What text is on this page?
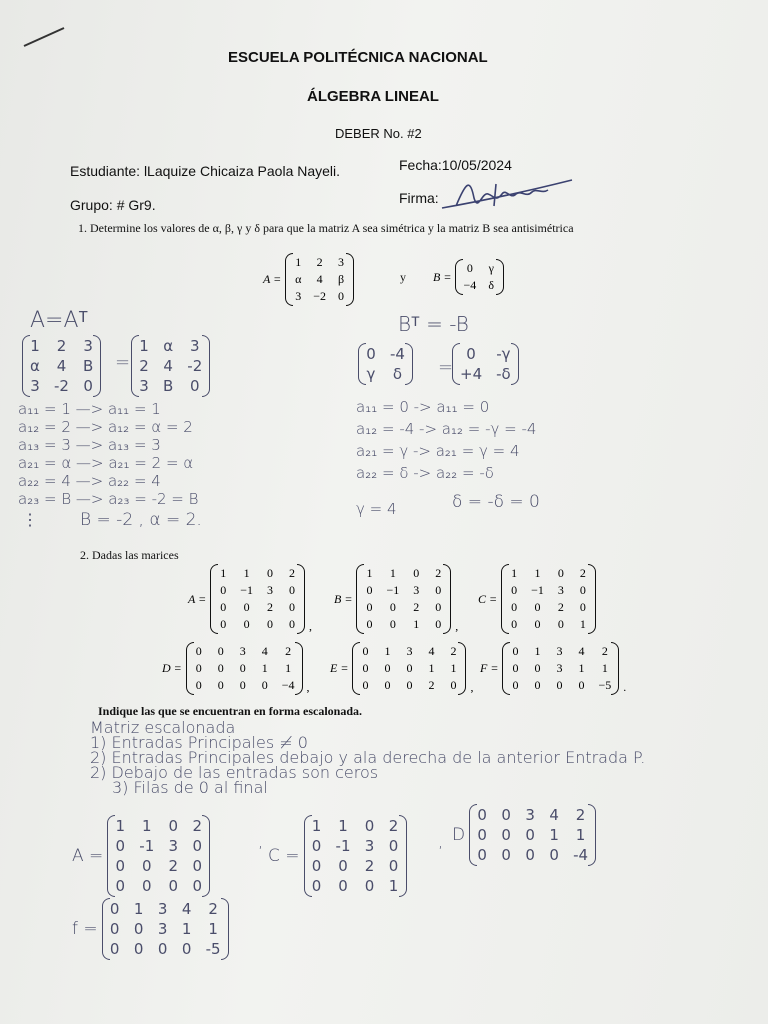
ESCUELA POLITÉCNICA NACIONAL
ÁLGEBRA LINEAL
DEBER No. #2
Estudiante: lLaquize Chicaiza Paola Nayeli.	Fecha:10/05/2024
Grupo: # Gr9.	Firma:
1. Determine los valores de α, β, γ y δ para que la matriz A sea simétrica y la matriz B sea antisimétrica
A =
1 2 3
α 4 β
3 −2 0
y B =
0 γ
−4 δ
A=Aᵀ
1 2 3
α 4 B
3 -2 0
=
1 α 3
2 4 -2
3 B 0
a₁₁ = 1 —> a₁₁ = 1
a₁₂ = 2 —> a₁₂ = α = 2
a₁₃ = 3 —> a₁₃ = 3
a₂₁ = α —> a₂₁ = 2 = α
a₂₂ = 4 —> a₂₂ = 4
a₂₃ = B —> a₂₃ = -2 = B
⋮ B = -2 , α = 2.
Bᵀ = -B
0 -4
γ δ =
0	-γ
+4 -δ
a₁₁ = 0 -> a₁₁ = 0
a₁₂ = -4 -> a₁₂ = -γ = -4
a₂₁ = γ -> a₂₁ = γ = 4
a₂₂ = δ -> a₂₂ = -δ
γ = 4	δ = -δ = 0
2. Dadas las marices
A =
1 1 0 2
0 −1 3 0
0 0 2 0
0 0 0 0 ,
B =
1 1 0 2
0 −1 3 0
0 0 2 0
0 0 1 0 ,
C =
1 1 0 2
0 −1 3 0
0 0 2 0
0 0 0 1
D =
0 0 3 4 2
0 0 0 1 1
0 0 0 0 −4 ,
E =
0 1 3 4 2
0 0 0 1 1
0 0 0 2 0 ,
F =
0 1 3 4 2
0 0 3 1 1
0 0 0 0 −5 .
Indique las que se encuentran en forma escalonada.
Matriz escalonada
1) Entradas Principales ≠ 0
2) Entradas Principales debajo y ala derecha de la anterior Entrada P.
2) Debajo de las entradas son ceros
3) Filas de 0 al final
A =
1 1 0 2
0 -1 3 0
0 0 2 0
0 0 0 0
,
C =
1 1 0 2
0 -1 3 0
0 0 2 0
0 0 0 1
, D
0 0 3 4 2
0 0 0 1 1
0 0 0 0 -4
f =
0 1 3 4 2
0 0 3 1 1
0 0 0 0 -5
